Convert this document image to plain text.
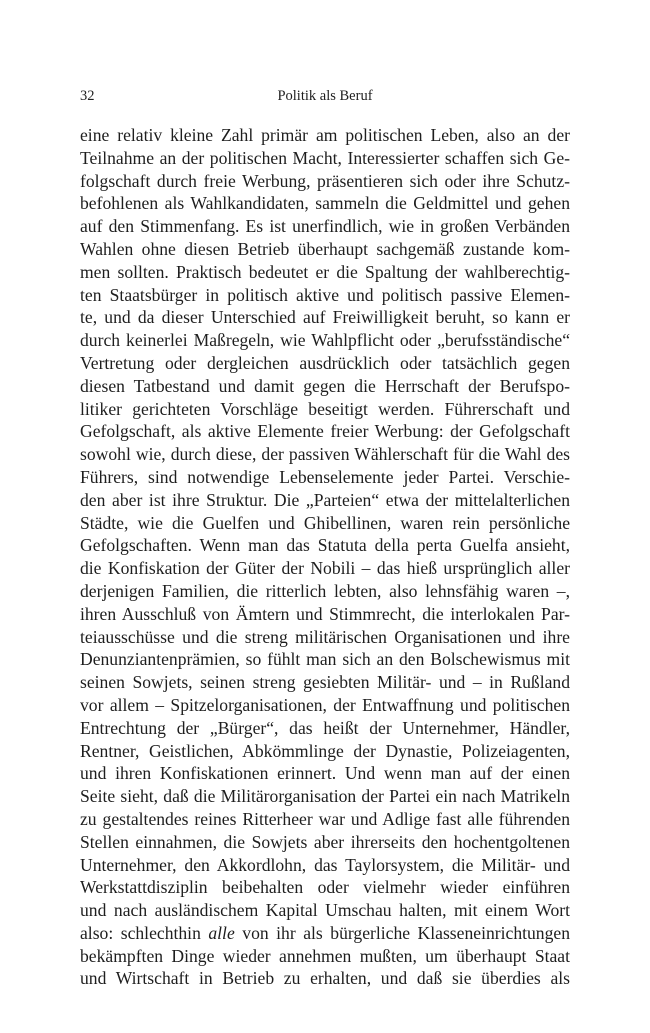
32	Politik als Beruf
eine relativ kleine Zahl primär am politischen Leben, also an der
Teilnahme an der politischen Macht, Interessierter schaffen sich Ge-
folgschaft durch freie Werbung, präsentieren sich oder ihre Schutz-
befohlenen als Wahlkandidaten, sammeln die Geldmittel und gehen
auf den Stimmenfang. Es ist unerfindlich, wie in großen Verbänden
Wahlen ohne diesen Betrieb überhaupt sachgemäß zustande kom-
men sollten. Praktisch bedeutet er die Spaltung der wahlberechtig-
ten Staatsbürger in politisch aktive und politisch passive Elemen-
te, und da dieser Unterschied auf Freiwilligkeit beruht, so kann er
durch keinerlei Maßregeln, wie Wahlpflicht oder „berufsständische“
Vertretung oder dergleichen ausdrücklich oder tatsächlich gegen
diesen Tatbestand und damit gegen die Herrschaft der Berufspo-
litiker gerichteten Vorschläge beseitigt werden. Führerschaft und
Gefolgschaft, als aktive Elemente freier Werbung: der Gefolgschaft
sowohl wie, durch diese, der passiven Wählerschaft für die Wahl des
Führers, sind notwendige Lebenselemente jeder Partei. Verschie-
den aber ist ihre Struktur. Die „Parteien“ etwa der mittelalterlichen
Städte, wie die Guelfen und Ghibellinen, waren rein persönliche
Gefolgschaften. Wenn man das Statuta della perta Guelfa ansieht,
die Konfiskation der Güter der Nobili – das hieß ursprünglich aller
derjenigen Familien, die ritterlich lebten, also lehnsfähig waren –,
ihren Ausschluß von Ämtern und Stimmrecht, die interlokalen Par-
teiausschüsse und die streng militärischen Organisationen und ihre
Denunziantenprämien, so fühlt man sich an den Bolschewismus mit
seinen Sowjets, seinen streng gesiebten Militär- und – in Rußland
vor allem – Spitzelorganisationen, der Entwaffnung und politischen
Entrechtung der „Bürger“, das heißt der Unternehmer, Händler,
Rentner, Geistlichen, Abkömmlinge der Dynastie, Polizeiagenten,
und ihren Konfiskationen erinnert. Und wenn man auf der einen
Seite sieht, daß die Militärorganisation der Partei ein nach Matrikeln
zu gestaltendes reines Ritterheer war und Adlige fast alle führenden
Stellen einnahmen, die Sowjets aber ihrerseits den hochentgoltenen
Unternehmer, den Akkordlohn, das Taylorsystem, die Militär- und
Werkstattdisziplin beibehalten oder vielmehr wieder einführen
und nach ausländischem Kapital Umschau halten, mit einem Wort
also: schlechthin alle von ihr als bürgerliche Klasseneinrichtungen
bekämpften Dinge wieder annehmen mußten, um überhaupt Staat
und Wirtschaft in Betrieb zu erhalten, und daß sie überdies als
